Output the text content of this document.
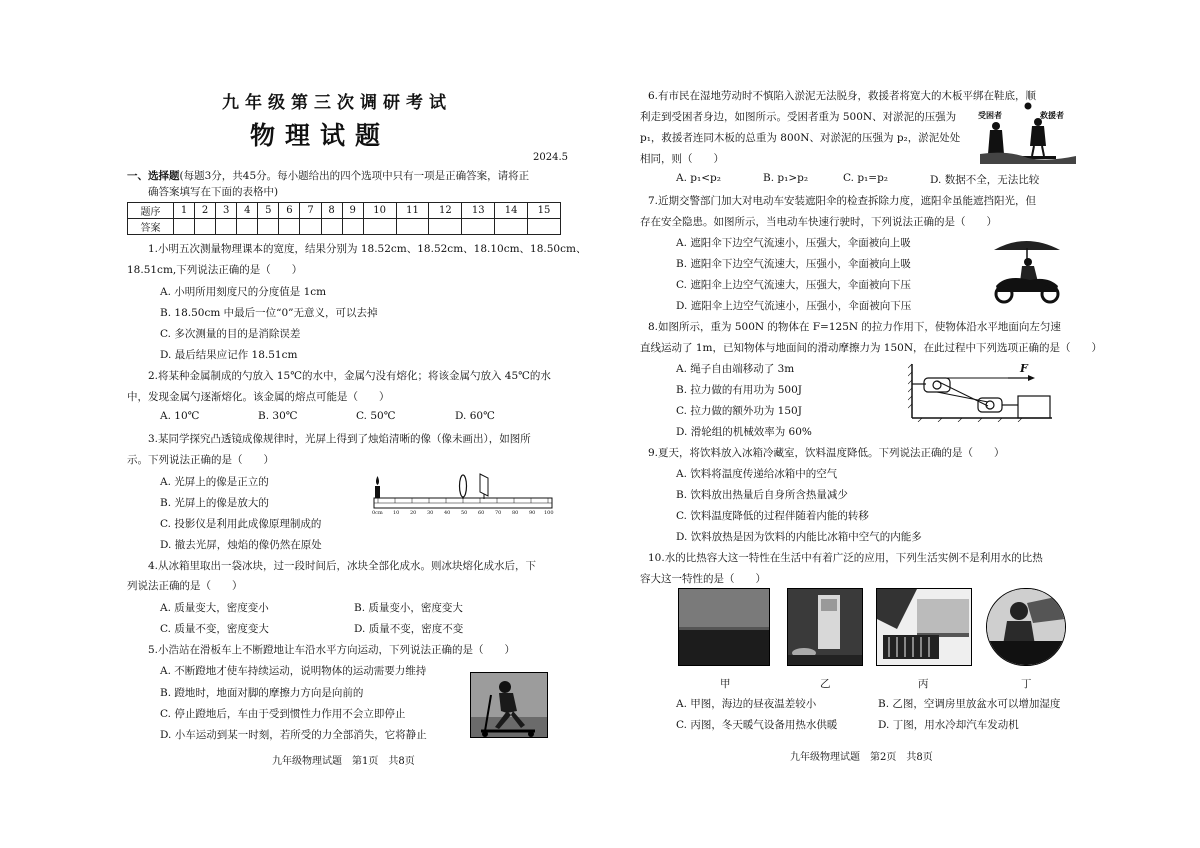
九年级第三次调研考试
物理试题
2024.5
一、选择题(每题3分，共45分。每小题给出的四个选项中只有一项是正确答案，请将正
确答案填写在下面的表格中)
题序	1	2	3	4	5	6	7	8	9	10	11	12	13	14	15
答案															
1.小明五次测量物理课本的宽度，结果分别为 18.52cm、18.52cm、18.10cm、18.50cm、
18.51cm,下列说法正确的是（　　）
A. 小明所用刻度尺的分度值是 1cm
B. 18.50cm 中最后一位“0”无意义，可以去掉
C. 多次测量的目的是消除误差
D. 最后结果应记作 18.51cm
2.将某种金属制成的勺放入 15℃的水中，金属勺没有熔化；将该金属勺放入 45℃的水
中，发现金属勺逐渐熔化。该金属的熔点可能是（　　）
A. 10℃	B. 30℃	C. 50℃	D. 60℃
3.某同学探究凸透镜成像规律时，光屏上得到了烛焰清晰的像（像未画出），如图所
示。下列说法正确的是（　　）
A. 光屏上的像是正立的
B. 光屏上的像是放大的
C. 投影仪是利用此成像原理制成的
D. 撤去光屏，烛焰的像仍然在原处
0cm 10 20 30 40 50 60 70 80 90 100
4.从冰箱里取出一袋冰块，过一段时间后，冰块全部化成水。则冰块熔化成水后，下
列说法正确的是（　　）
A. 质量变大，密度变小	B. 质量变小，密度变大
C. 质量不变，密度变大	D. 质量不变，密度不变
5.小浩站在滑板车上不断蹬地让车沿水平方向运动，下列说法正确的是（　　）
A. 不断蹬地才使车持续运动，说明物体的运动需要力维持
B. 蹬地时，地面对脚的摩擦力方向是向前的
C. 停止蹬地后，车由于受到惯性力作用不会立即停止
D. 小车运动到某一时刻，若所受的力全部消失，它将静止
九年级物理试题　第1页　共8页
6.有市民在湿地劳动时不慎陷入淤泥无法脱身，救援者将宽大的木板平绑在鞋底，顺
利走到受困者身边，如图所示。受困者重为 500N、对淤泥的压强为
p₁，救援者连同木板的总重为 800N、对淤泥的压强为 p₂，淤泥处处
相同，则（　　）
A. p₁<p₂	B. p₁>p₂	C. p₁=p₂	D. 数据不全，无法比较
受困者	救援者
7.近期交警部门加大对电动车安装遮阳伞的检查拆除力度，遮阳伞虽能遮挡阳光，但
存在安全隐患。如图所示，当电动车快速行驶时，下列说法正确的是（　　）
A. 遮阳伞下边空气流速小，压强大，伞面被向上吸
B. 遮阳伞下边空气流速大，压强小，伞面被向上吸
C. 遮阳伞上边空气流速大，压强大，伞面被向下压
D. 遮阳伞上边空气流速小，压强小，伞面被向下压
8.如图所示，重为 500N 的物体在 F=125N 的拉力作用下，使物体沿水平地面向左匀速
直线运动了 1m，已知物体与地面间的滑动摩擦力为 150N，在此过程中下列选项正确的是（　　）
A. 绳子自由端移动了 3m
B. 拉力做的有用功为 500J
C. 拉力做的额外功为 150J
D. 滑轮组的机械效率为 60%
F
9.夏天，将饮料放入冰箱冷藏室，饮料温度降低。下列说法正确的是（　　）
A. 饮料将温度传递给冰箱中的空气
B. 饮料放出热量后自身所含热量减少
C. 饮料温度降低的过程伴随着内能的转移
D. 饮料放热是因为饮料的内能比冰箱中空气的内能多
10.水的比热容大这一特性在生活中有着广泛的应用，下列生活实例不是利用水的比热
容大这一特性的是（　　）
甲	乙	丙	丁
A. 甲图，海边的昼夜温差较小	B. 乙图，空调房里放盆水可以增加湿度
C. 丙图，冬天暖气设备用热水供暖	D. 丁图，用水冷却汽车发动机
九年级物理试题　第2页　共8页
